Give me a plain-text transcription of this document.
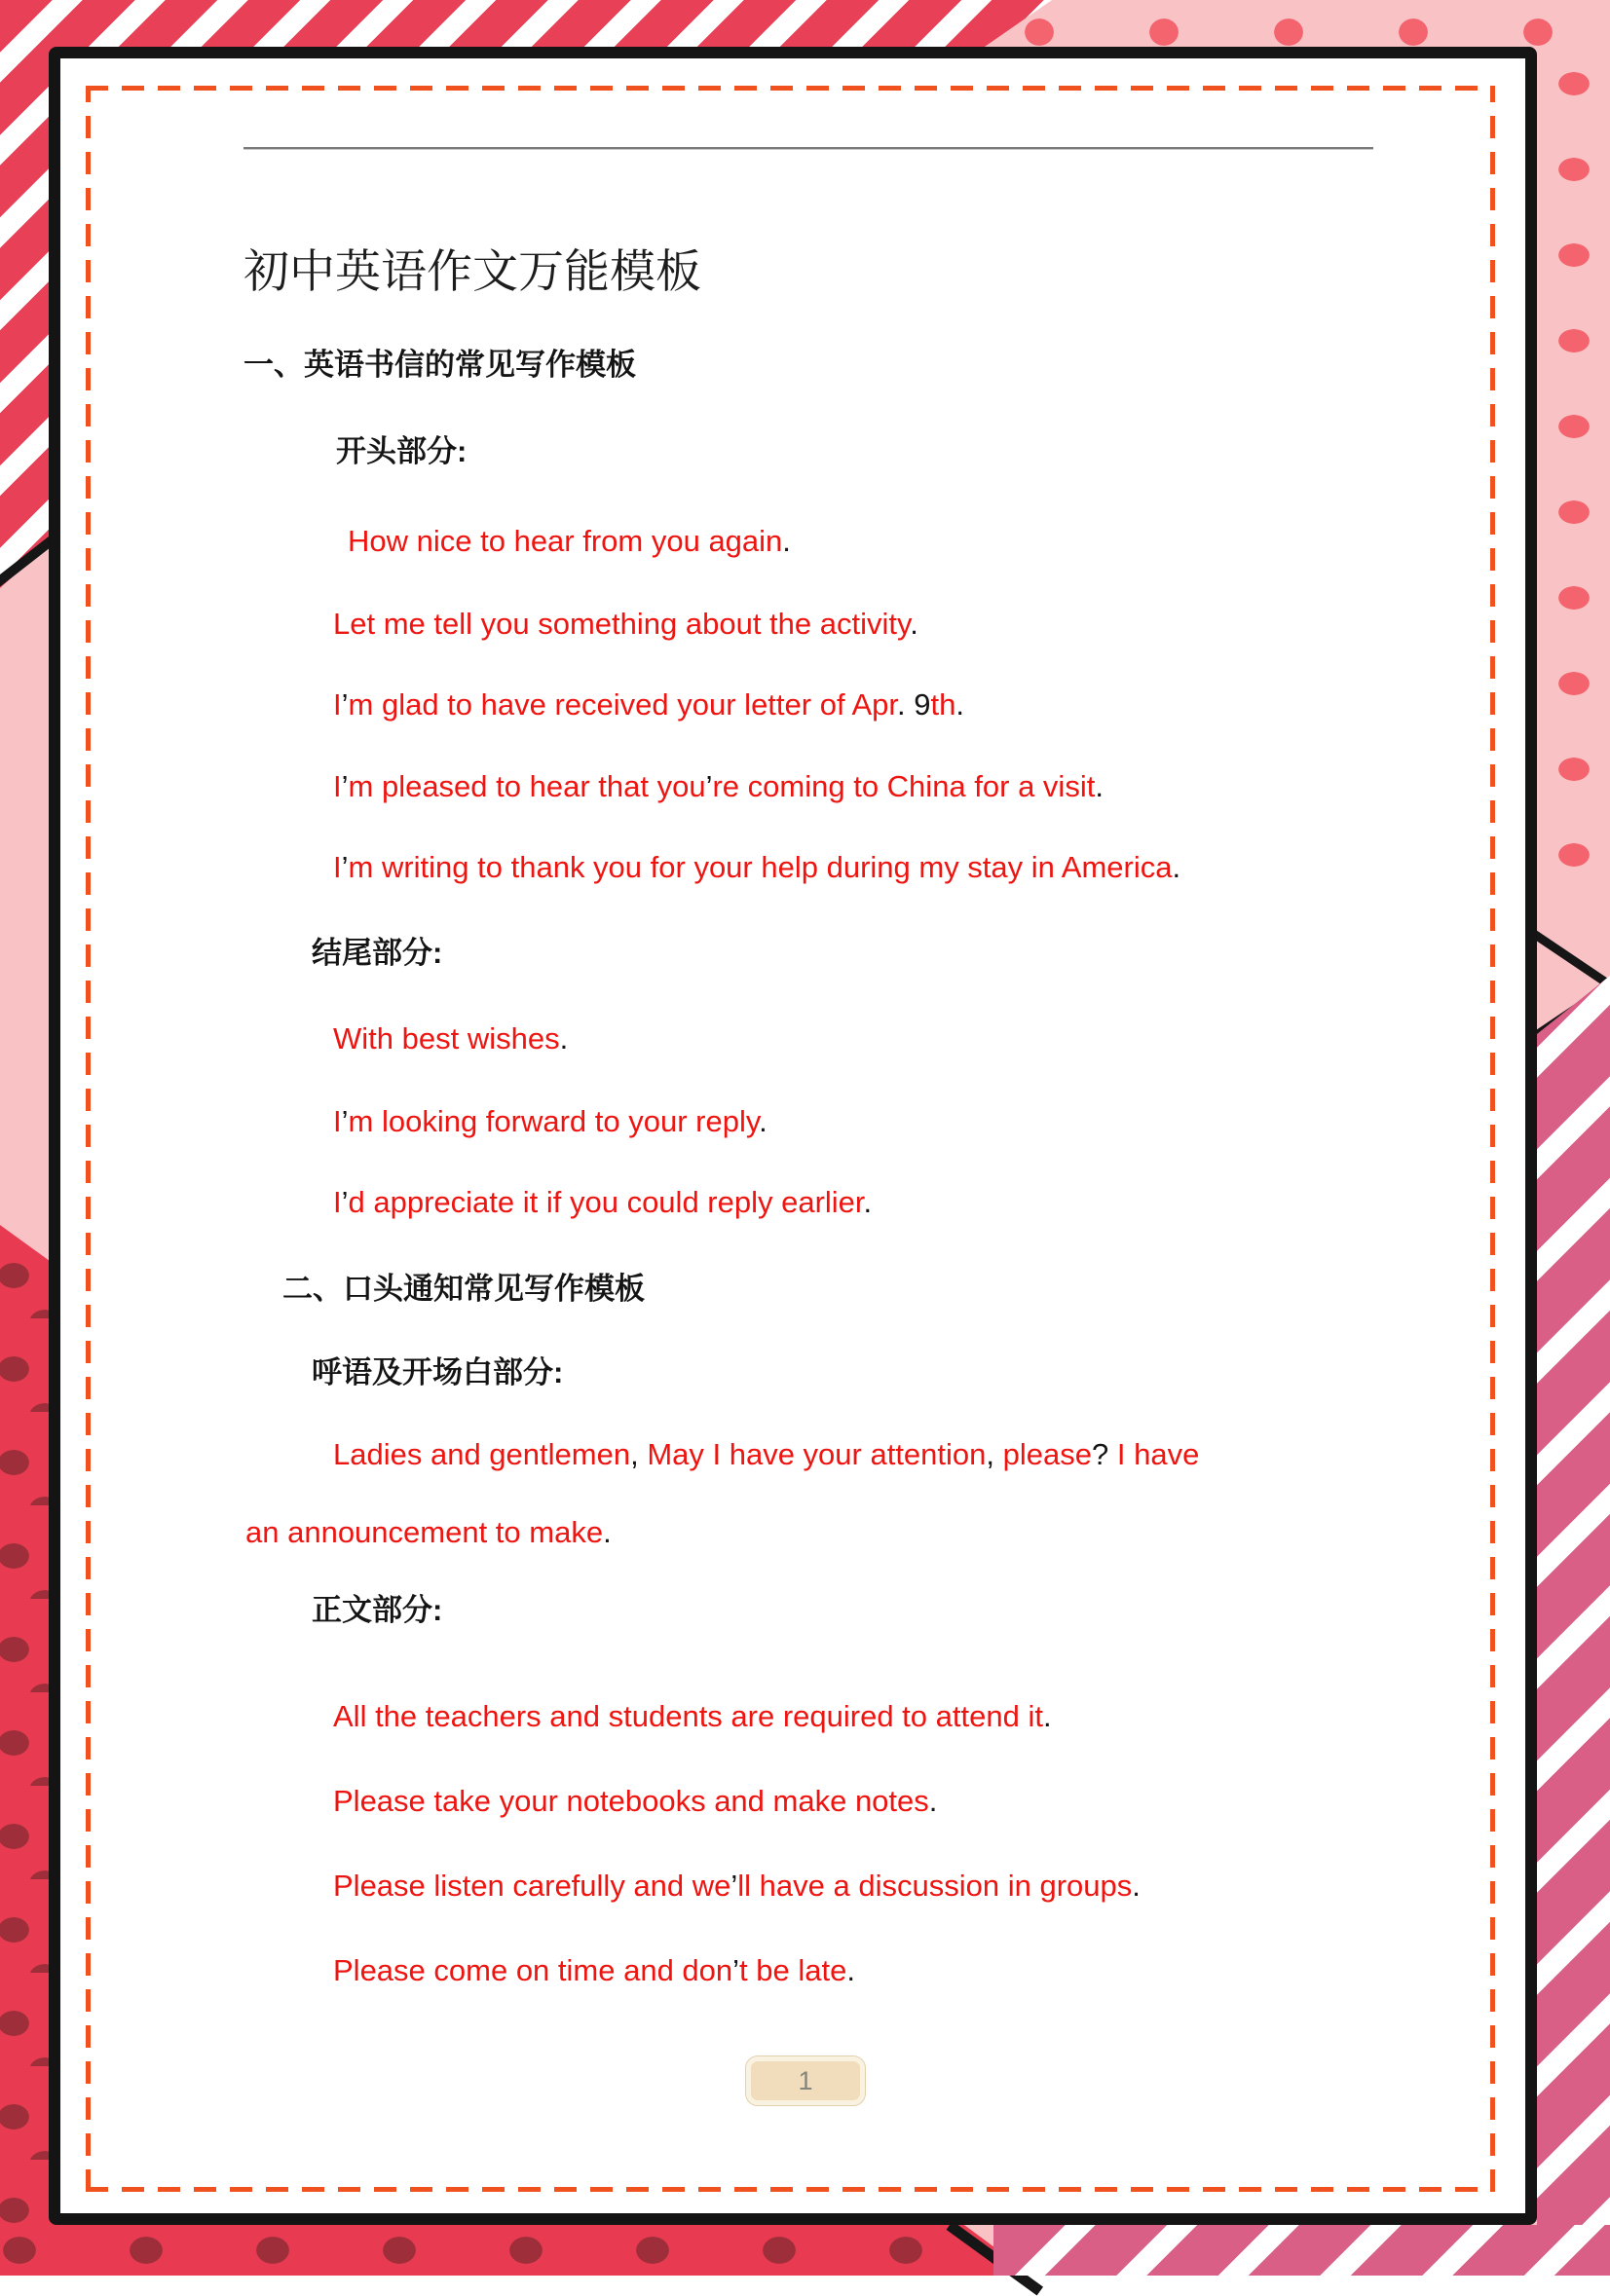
初中英语作文万能模板
一、英语书信的常见写作模板
开头部分:
How nice to hear from you again.
Let me tell you something about the activity.
I’m glad to have received your letter of Apr. 9th.
I’m pleased to hear that you’re coming to China for a visit.
I’m writing to thank you for your help during my stay in America.
结尾部分:
With best wishes.
I’m looking forward to your reply.
I’d appreciate it if you could reply earlier.
二、口头通知常见写作模板
呼语及开场白部分:
Ladies and gentlemen, May I have your attention, please? I have
an announcement to make.
正文部分:
All the teachers and students are required to attend it.
Please take your notebooks and make notes.
Please listen carefully and we’ll have a discussion in groups.
Please come on time and don’t be late.
1
